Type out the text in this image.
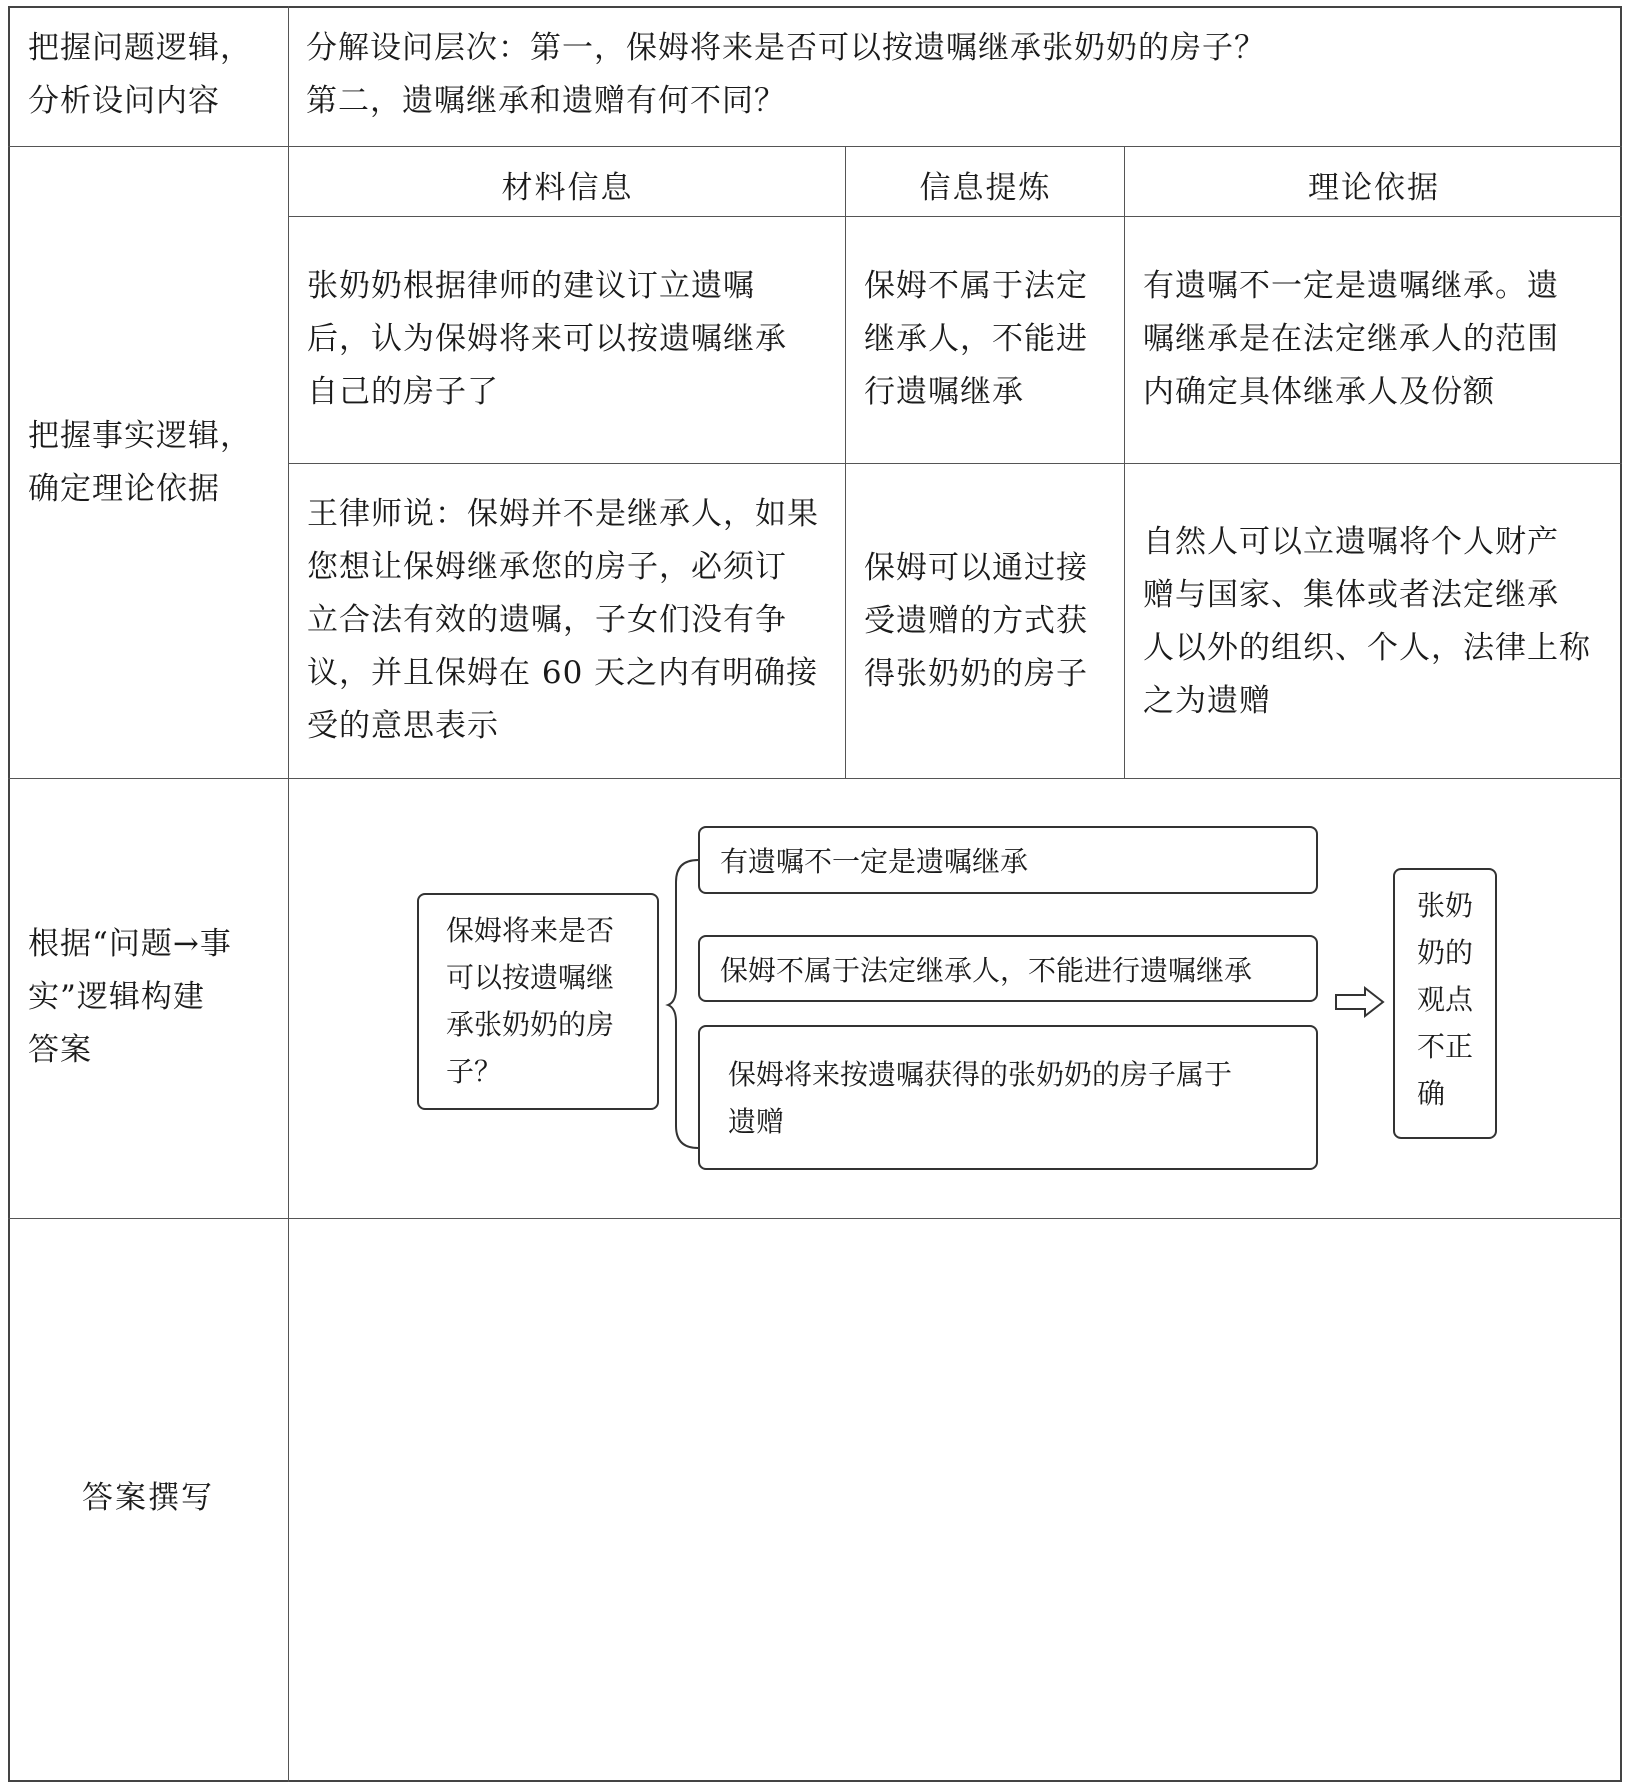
把握问题逻辑，
分析设问内容
分解设问层次：第一，保姆将来是否可以按遗嘱继承张奶奶的房子？
第二，遗嘱继承和遗赠有何不同？
把握事实逻辑，
确定理论依据
材料信息	信息提炼	理论依据
张奶奶根据律师的建议订立遗嘱
后，认为保姆将来可以按遗嘱继承
自己的房子了
保姆不属于法定
继承人，不能进
行遗嘱继承
有遗嘱不一定是遗嘱继承。遗
嘱继承是在法定继承人的范围
内确定具体继承人及份额
王律师说：保姆并不是继承人，如果
您想让保姆继承您的房子，必须订
立合法有效的遗嘱，子女们没有争
议，并且保姆在 60 天之内有明确接
受的意思表示
保姆可以通过接
受遗赠的方式获
得张奶奶的房子
自然人可以立遗嘱将个人财产
赠与国家、集体或者法定继承
人以外的组织、个人，法律上称
之为遗赠
根据“问题→事
实”逻辑构建
答案
保姆将来是否
可以按遗嘱继
承张奶奶的房
子？
有遗嘱不一定是遗嘱继承
保姆不属于法定继承人，不能进行遗嘱继承
保姆将来按遗嘱获得的张奶奶的房子属于
遗赠
张奶
奶的
观点
不正
确
答案撰写
